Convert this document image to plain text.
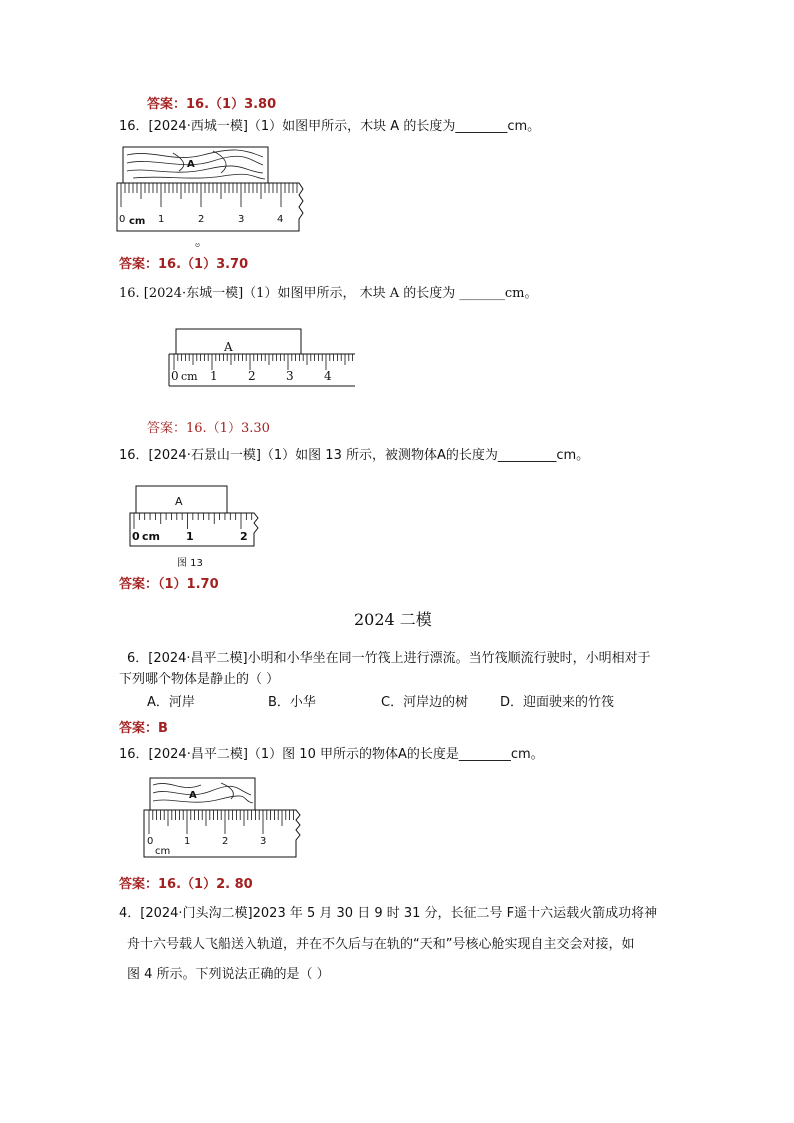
答案：16.（1）3.80
16．[2024·西城一模]（1）如图甲所示，木块 A 的长度为________cm。
A
0 cm 1	2	3	4
ဗ
答案：16.（1）3.70
16. [2024·东城一模]（1）如图甲所示， 木块 A 的长度为 _______cm。
A
0 cm 1	2	3	4
答案：16.（1）3.30
16．[2024·石景山一模]（1）如图 13 所示，被测物体A的长度为_________cm。
A
0 cm 1	2
图 13
答案：（1）1.70
2024 二模
6．[2024·昌平二模]小明和小华坐在同一竹筏上进行漂流。当竹筏顺流行驶时，小明相对于
下列哪个物体是静止的（ ）
A．河岸	B．小华	C．河岸边的树 D．迎面驶来的竹筏
答案：B
16．[2024·昌平二模]（1）图 10 甲所示的物体A的长度是________cm。
A
0
cm
1	2	3
答案：16.（1）2. 80
4．[2024·门头沟二模]2023 年 5 月 30 日 9 时 31 分，长征二号 F遥十六运载火箭成功将神
舟十六号载人飞船送入轨道，并在不久后与在轨的“天和”号核心舱实现自主交会对接，如
图 4 所示。下列说法正确的是（ ）
